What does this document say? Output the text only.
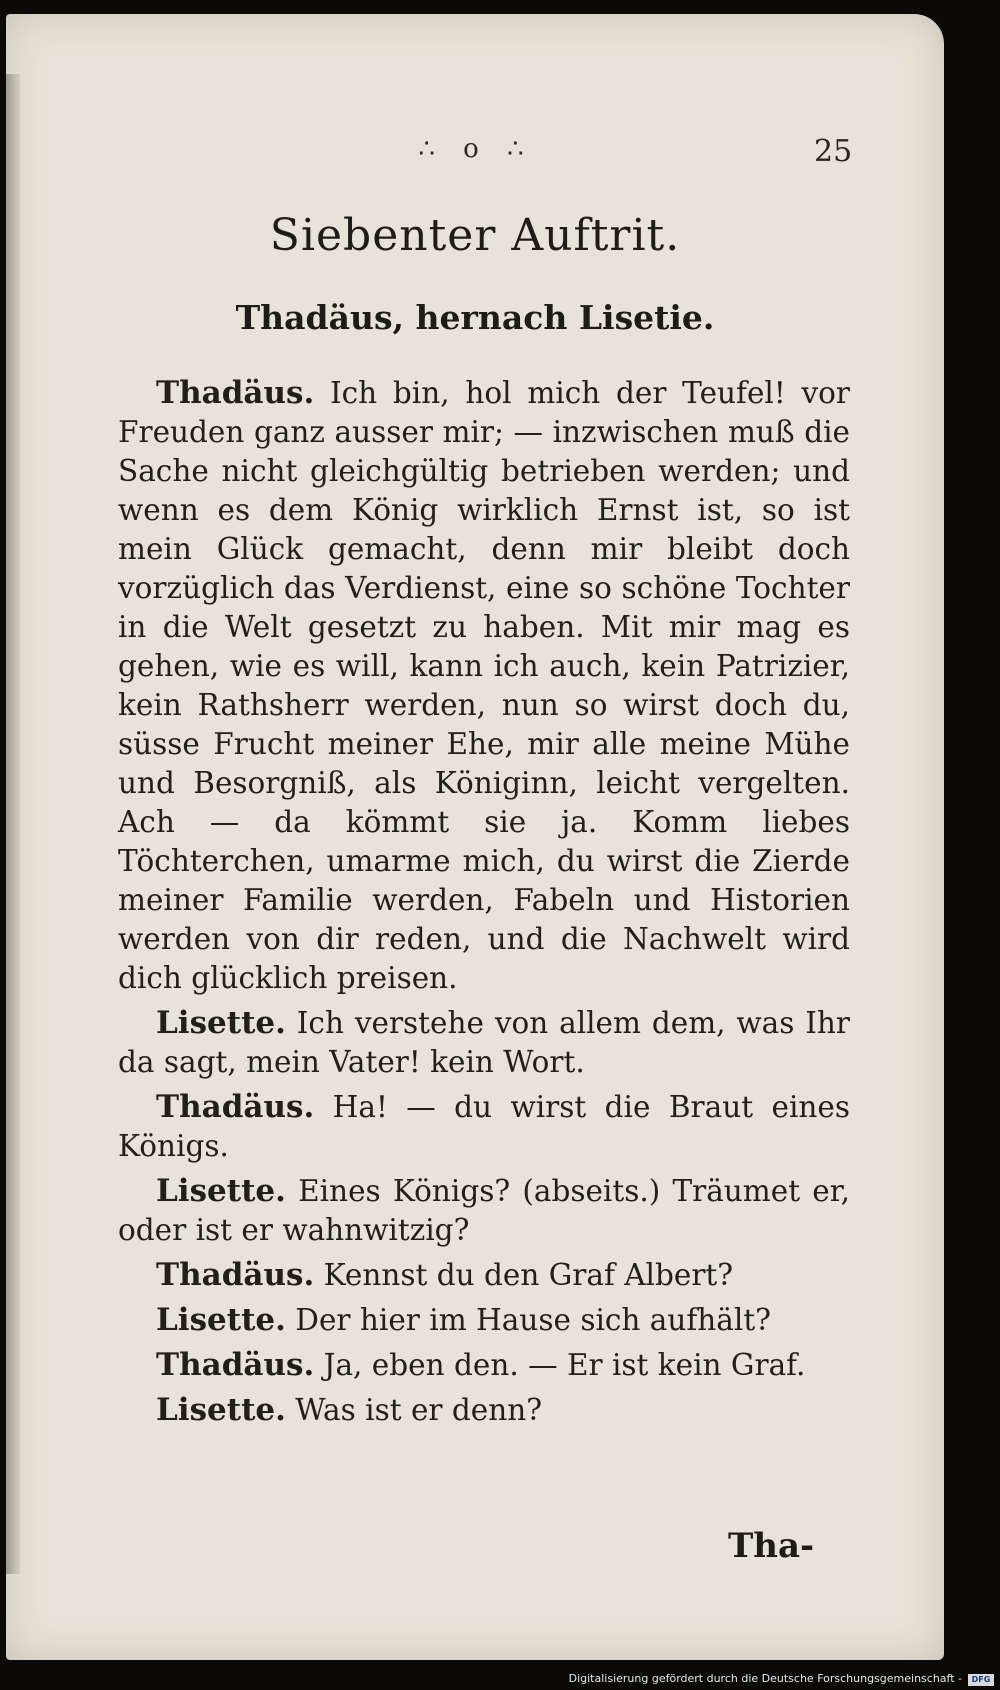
∴ o ∴	25
Siebenter Auftrit.
Thadäus, hernach Lisetie.

Thadäus. Ich bin, hol mich der Teufel! vor Freuden ganz ausser mir; — inzwischen muß die Sache nicht gleichgültig betrieben werden; und wenn es dem König wirklich Ernst ist, so ist mein Glück gemacht, denn mir bleibt doch vorzüglich das Verdienst, eine so schöne Tochter in die Welt gesetzt zu haben. Mit mir mag es gehen, wie es will, kann ich auch, kein Patrizier, kein Rathsherr werden, nun so wirst doch du, süsse Frucht meiner Ehe, mir alle meine Mühe und Besorgniß, als Königinn, leicht vergelten. Ach — da kömmt sie ja. Komm liebes Töchterchen, umarme mich, du wirst die Zierde meiner Familie werden, Fabeln und Historien werden von dir reden, und die Nachwelt wird dich glücklich preisen.

Lisette. Ich verstehe von allem dem, was Ihr da sagt, mein Vater! kein Wort.

Thadäus. Ha! — du wirst die Braut eines Königs.

Lisette. Eines Königs? (abseits.) Träumet er, oder ist er wahnwitzig?

Thadäus. Kennst du den Graf Albert?

Lisette. Der hier im Hause sich aufhält?

Thadäus. Ja, eben den. — Er ist kein Graf.

Lisette. Was ist er denn?

Tha-
Digitalisierung gefördert durch die Deutsche Forschungsgemeinschaft -	DFG
